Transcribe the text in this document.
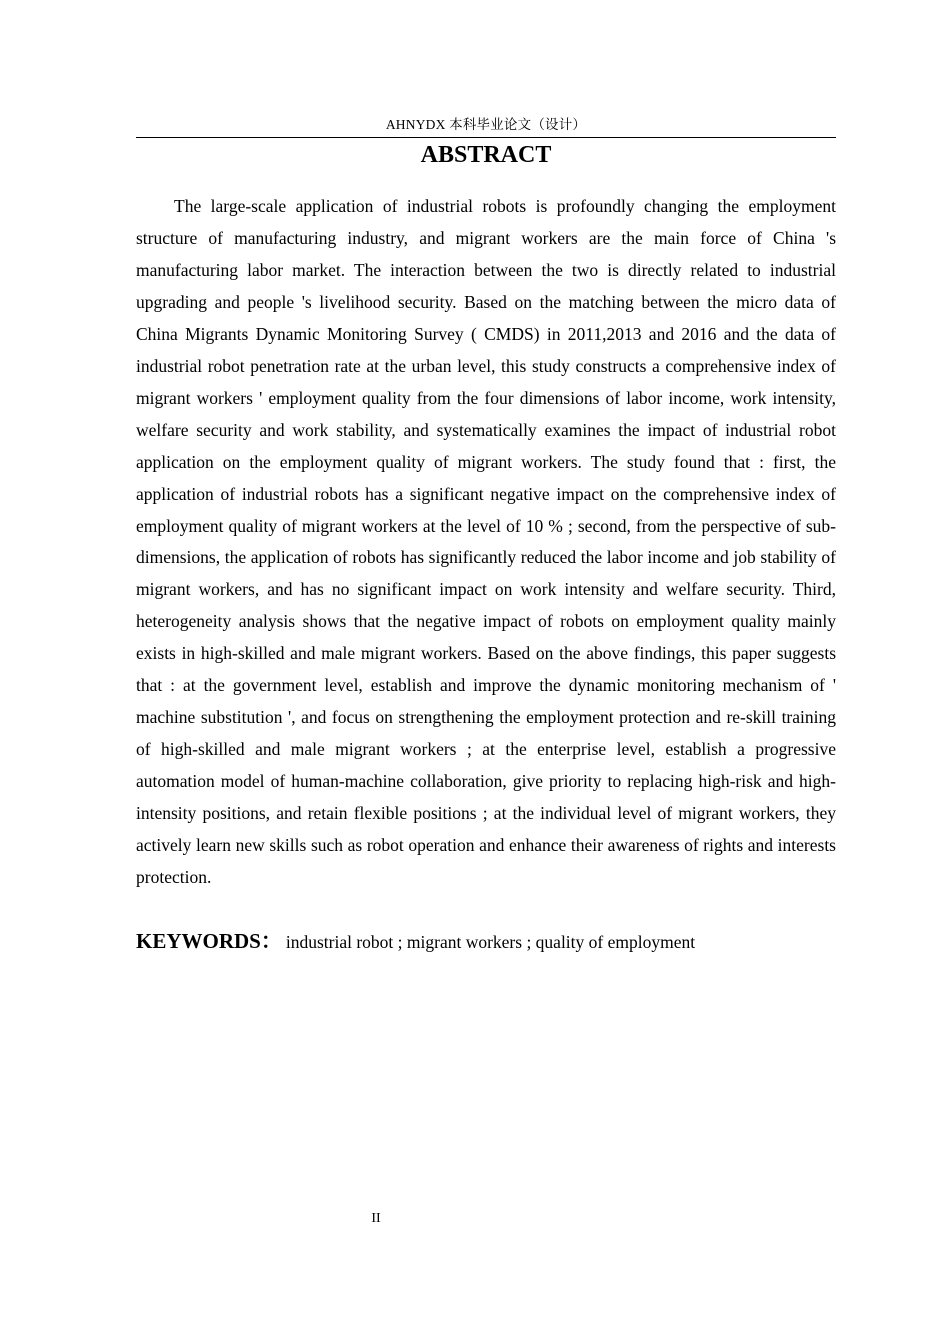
AHNYDX 本科毕业论文（设计）
ABSTRACT

The large-scale application of industrial robots is profoundly changing the employment structure of manufacturing industry, and migrant workers are the main force of China 's manufacturing labor market. The interaction between the two is directly related to industrial upgrading and people 's livelihood security. Based on the matching between the micro data of China Migrants Dynamic Monitoring Survey ( CMDS) in 2011,2013 and 2016 and the data of industrial robot penetration rate at the urban level, this study constructs a comprehensive index of migrant workers ' employment quality from the four dimensions of labor income, work intensity, welfare security and work stability, and systematically examines the impact of industrial robot application on the employment quality of migrant workers. The study found that : first, the application of industrial robots has a significant negative impact on the comprehensive index of employment quality of migrant workers at the level of 10 % ; second, from the perspective of sub-dimensions, the application of robots has significantly reduced the labor income and job stability of migrant workers, and has no significant impact on work intensity and welfare security. Third, heterogeneity analysis shows that the negative impact of robots on employment quality mainly exists in high-skilled and male migrant workers. Based on the above findings, this paper suggests that : at the government level, establish and improve the dynamic monitoring mechanism of ' machine substitution ', and focus on strengthening the employment protection and re-skill training of high-skilled and male migrant workers ; at the enterprise level, establish a progressive automation model of human-machine collaboration, give priority to replacing high-risk and high-intensity positions, and retain flexible positions ; at the individual level of migrant workers, they actively learn new skills such as robot operation and enhance their awareness of rights and interests protection.

KEYWORDS： industrial robot ; migrant workers ; quality of employment

II
